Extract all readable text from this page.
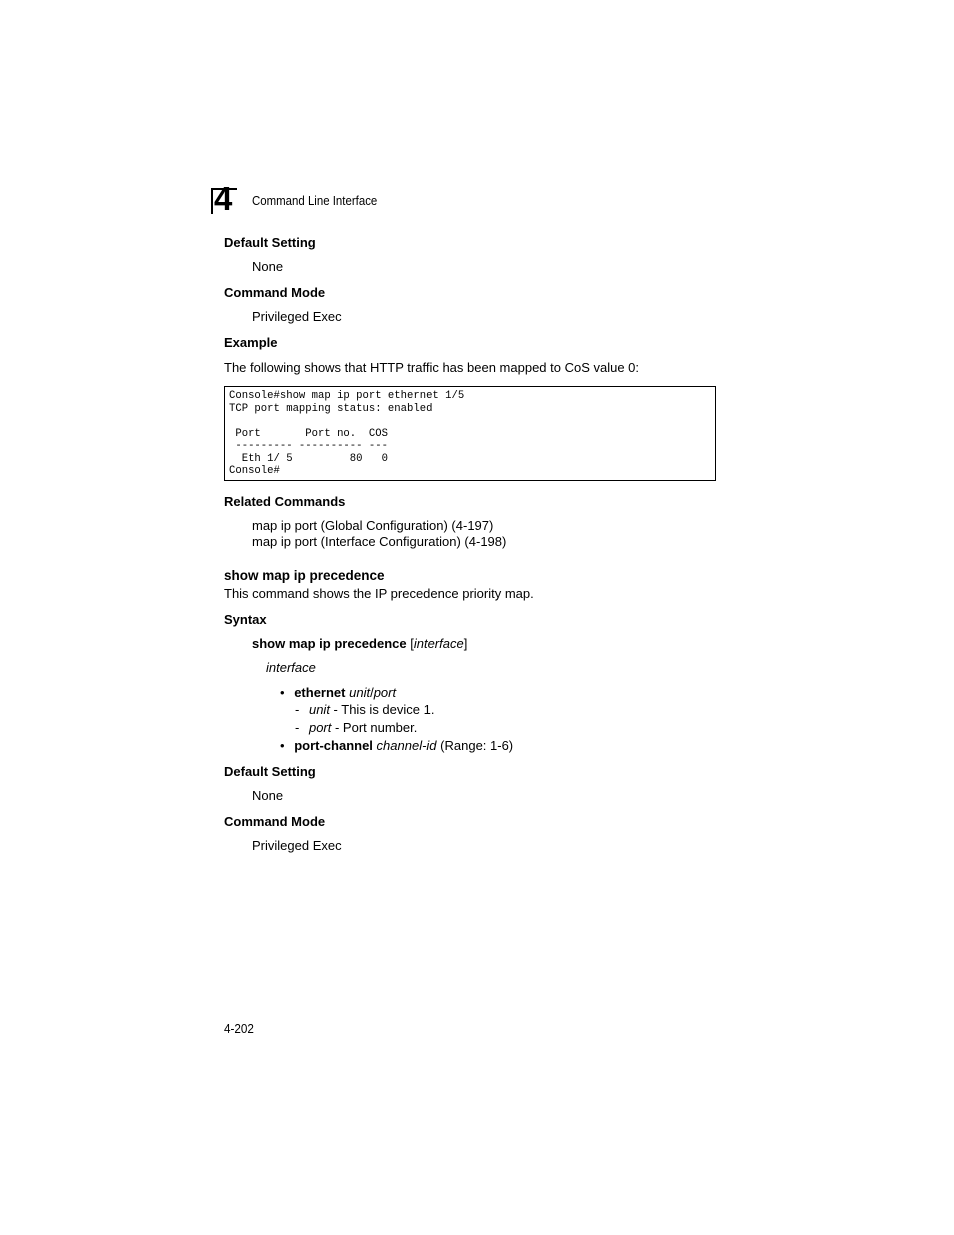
4 Command Line Interface
Default Setting
None
Command Mode
Privileged Exec
Example
The following shows that HTTP traffic has been mapped to CoS value 0:
Console#show map ip port ethernet 1/5
TCP port mapping status: enabled

Port       Port no.  COS
--------- ---------- ---
Eth 1/ 5         80   0
Console#
Related Commands
map ip port (Global Configuration) (4-197)
map ip port (Interface Configuration) (4-198)
show map ip precedence
This command shows the IP precedence priority map.
Syntax
show map ip precedence [interface]
interface
• ethernet unit/port
- unit - This is device 1.
- port - Port number.
• port-channel channel-id (Range: 1-6)
Default Setting
None
Command Mode
Privileged Exec
4-202
